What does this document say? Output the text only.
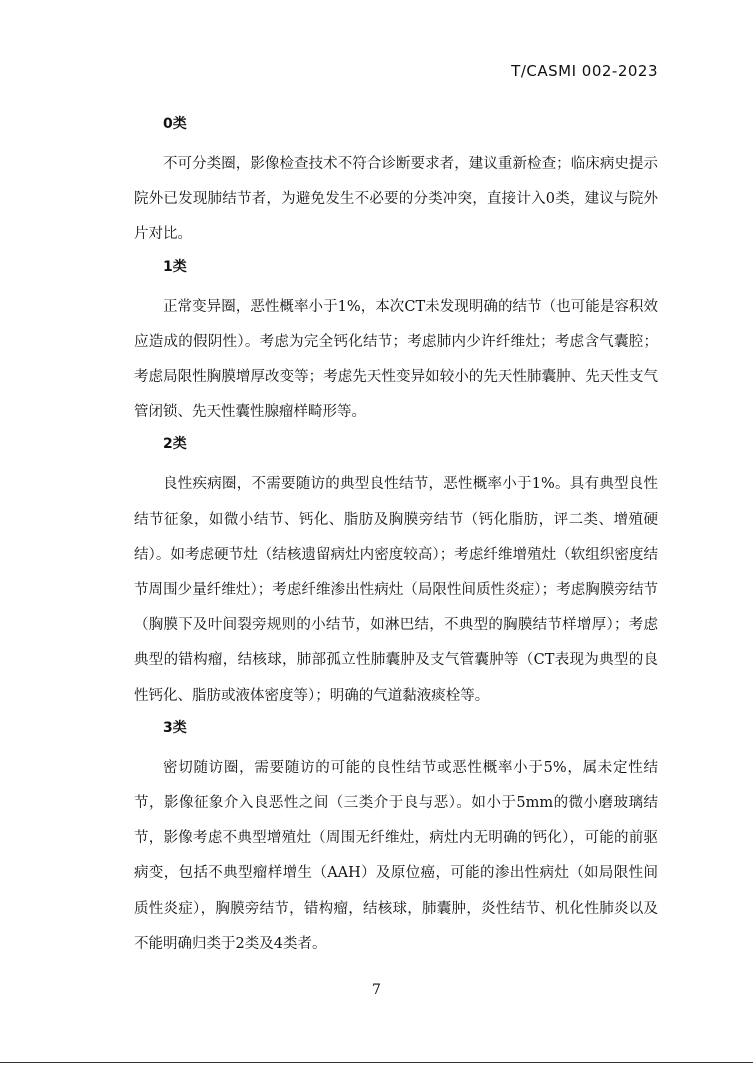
T/CASMI 002-2023
0类

不可分类圈，影像检查技术不符合诊断要求者，建议重新检查；临床病史提示院外已发现肺结节者，为避免发生不必要的分类冲突，直接计入0类，建议与院外片对比。

1类

正常变异圈，恶性概率小于1%，本次CT未发现明确的结节（也可能是容积效应造成的假阴性）。考虑为完全钙化结节；考虑肺内少许纤维灶；考虑含气囊腔；考虑局限性胸膜增厚改变等；考虑先天性变异如较小的先天性肺囊肿、先天性支气管闭锁、先天性囊性腺瘤样畸形等。

2类

良性疾病圈，不需要随访的典型良性结节，恶性概率小于1%。具有典型良性结节征象，如微小结节、钙化、脂肪及胸膜旁结节（钙化脂肪，评二类、增殖硬结）。如考虑硬节灶（结核遗留病灶内密度较高）；考虑纤维增殖灶（软组织密度结节周围少量纤维灶）；考虑纤维渗出性病灶（局限性间质性炎症）；考虑胸膜旁结节（胸膜下及叶间裂旁规则的小结节，如淋巴结，不典型的胸膜结节样增厚）；考虑典型的错构瘤，结核球，肺部孤立性肺囊肿及支气管囊肿等（CT表现为典型的良性钙化、脂肪或液体密度等）；明确的气道黏液痰栓等。

3类

密切随访圈，需要随访的可能的良性结节或恶性概率小于5%，属未定性结节，影像征象介入良恶性之间（三类介于良与恶）。如小于5mm的微小磨玻璃结节，影像考虑不典型增殖灶（周围无纤维灶，病灶内无明确的钙化），可能的前驱病变，包括不典型瘤样增生（AAH）及原位癌，可能的渗出性病灶（如局限性间质性炎症），胸膜旁结节，错构瘤，结核球，肺囊肿，炎性结节、机化性肺炎以及不能明确归类于2类及4类者。

7
